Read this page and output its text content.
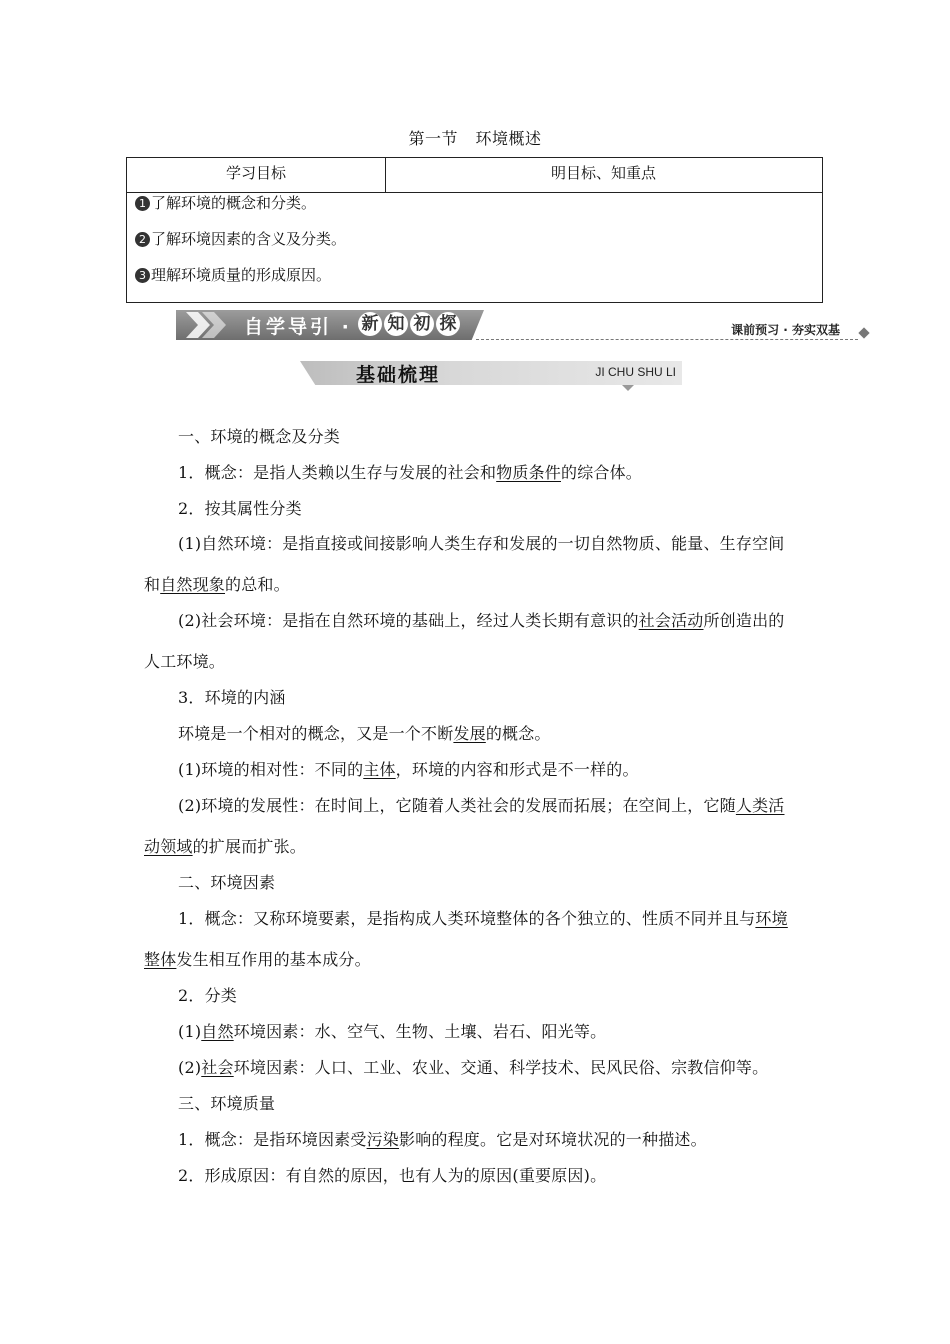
第一节 环境概述
学习目标	明目标、知重点
1 了解环境的概念和分类。
2 了解环境因素的含义及分类。
3 理解环境质量的形成原因。
自学导引 · 新 知 初 探	课前预习 · 夯实双基
基础梳理	JI CHU SHU LI
一、环境的概念及分类
1．概念：是指人类赖以生存与发展的社会和物质条件的综合体。
2．按其属性分类
(1)自然环境：是指直接或间接影响人类生存和发展的一切自然物质、能量、生存空间
和自然现象的总和。
(2)社会环境：是指在自然环境的基础上，经过人类长期有意识的社会活动所创造出的
人工环境。
3．环境的内涵
环境是一个相对的概念，又是一个不断发展的概念。
(1)环境的相对性：不同的主体，环境的内容和形式是不一样的。
(2)环境的发展性：在时间上，它随着人类社会的发展而拓展；在空间上，它随人类活
动领域的扩展而扩张。
二、环境因素
1．概念：又称环境要素，是指构成人类环境整体的各个独立的、性质不同并且与环境
整体发生相互作用的基本成分。
2．分类
(1)自然环境因素：水、空气、生物、土壤、岩石、阳光等。
(2)社会环境因素：人口、工业、农业、交通、科学技术、民风民俗、宗教信仰等。
三、环境质量
1．概念：是指环境因素受污染影响的程度。它是对环境状况的一种描述。
2．形成原因：有自然的原因，也有人为的原因(重要原因)。
